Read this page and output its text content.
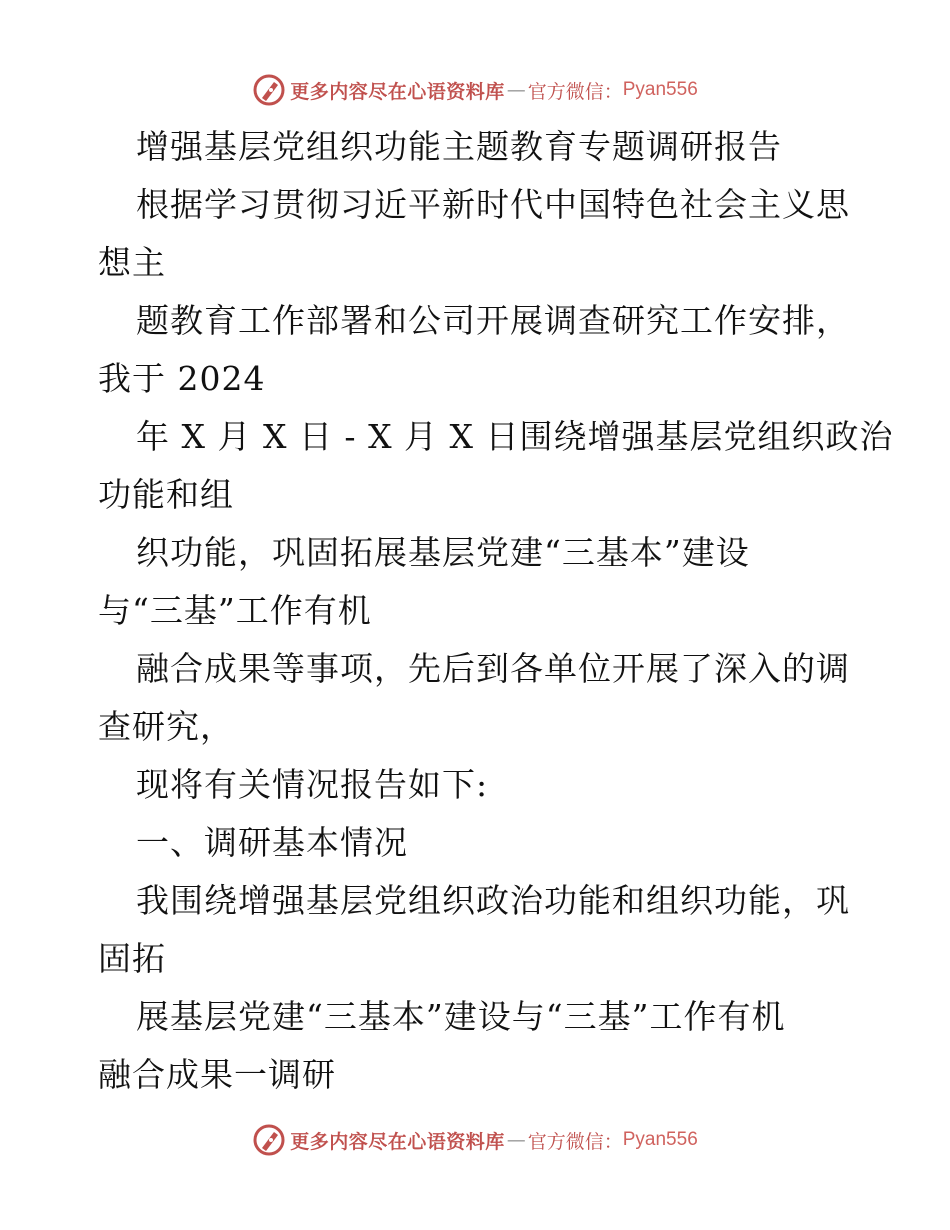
更多内容尽在心语资料库 — 官方微信： Pyan556
增强基层党组织功能主题教育专题调研报告
根据学习贯彻习近平新时代中国特色社会主义思
想主
题教育工作部署和公司开展调查研究工作安排，
我于 2024
年 X 月 X 日 - X 月 X 日围绕增强基层党组织政治
功能和组
织功能，巩固拓展基层党建“三基本”建设
与“三基”工作有机
融合成果等事项，先后到各单位开展了深入的调
查研究，
现将有关情况报告如下:
一、调研基本情况
我围绕增强基层党组织政治功能和组织功能，巩
固拓
展基层党建“三基本”建设与“三基”工作有机
融合成果一调研
更多内容尽在心语资料库 — 官方微信： Pyan556
